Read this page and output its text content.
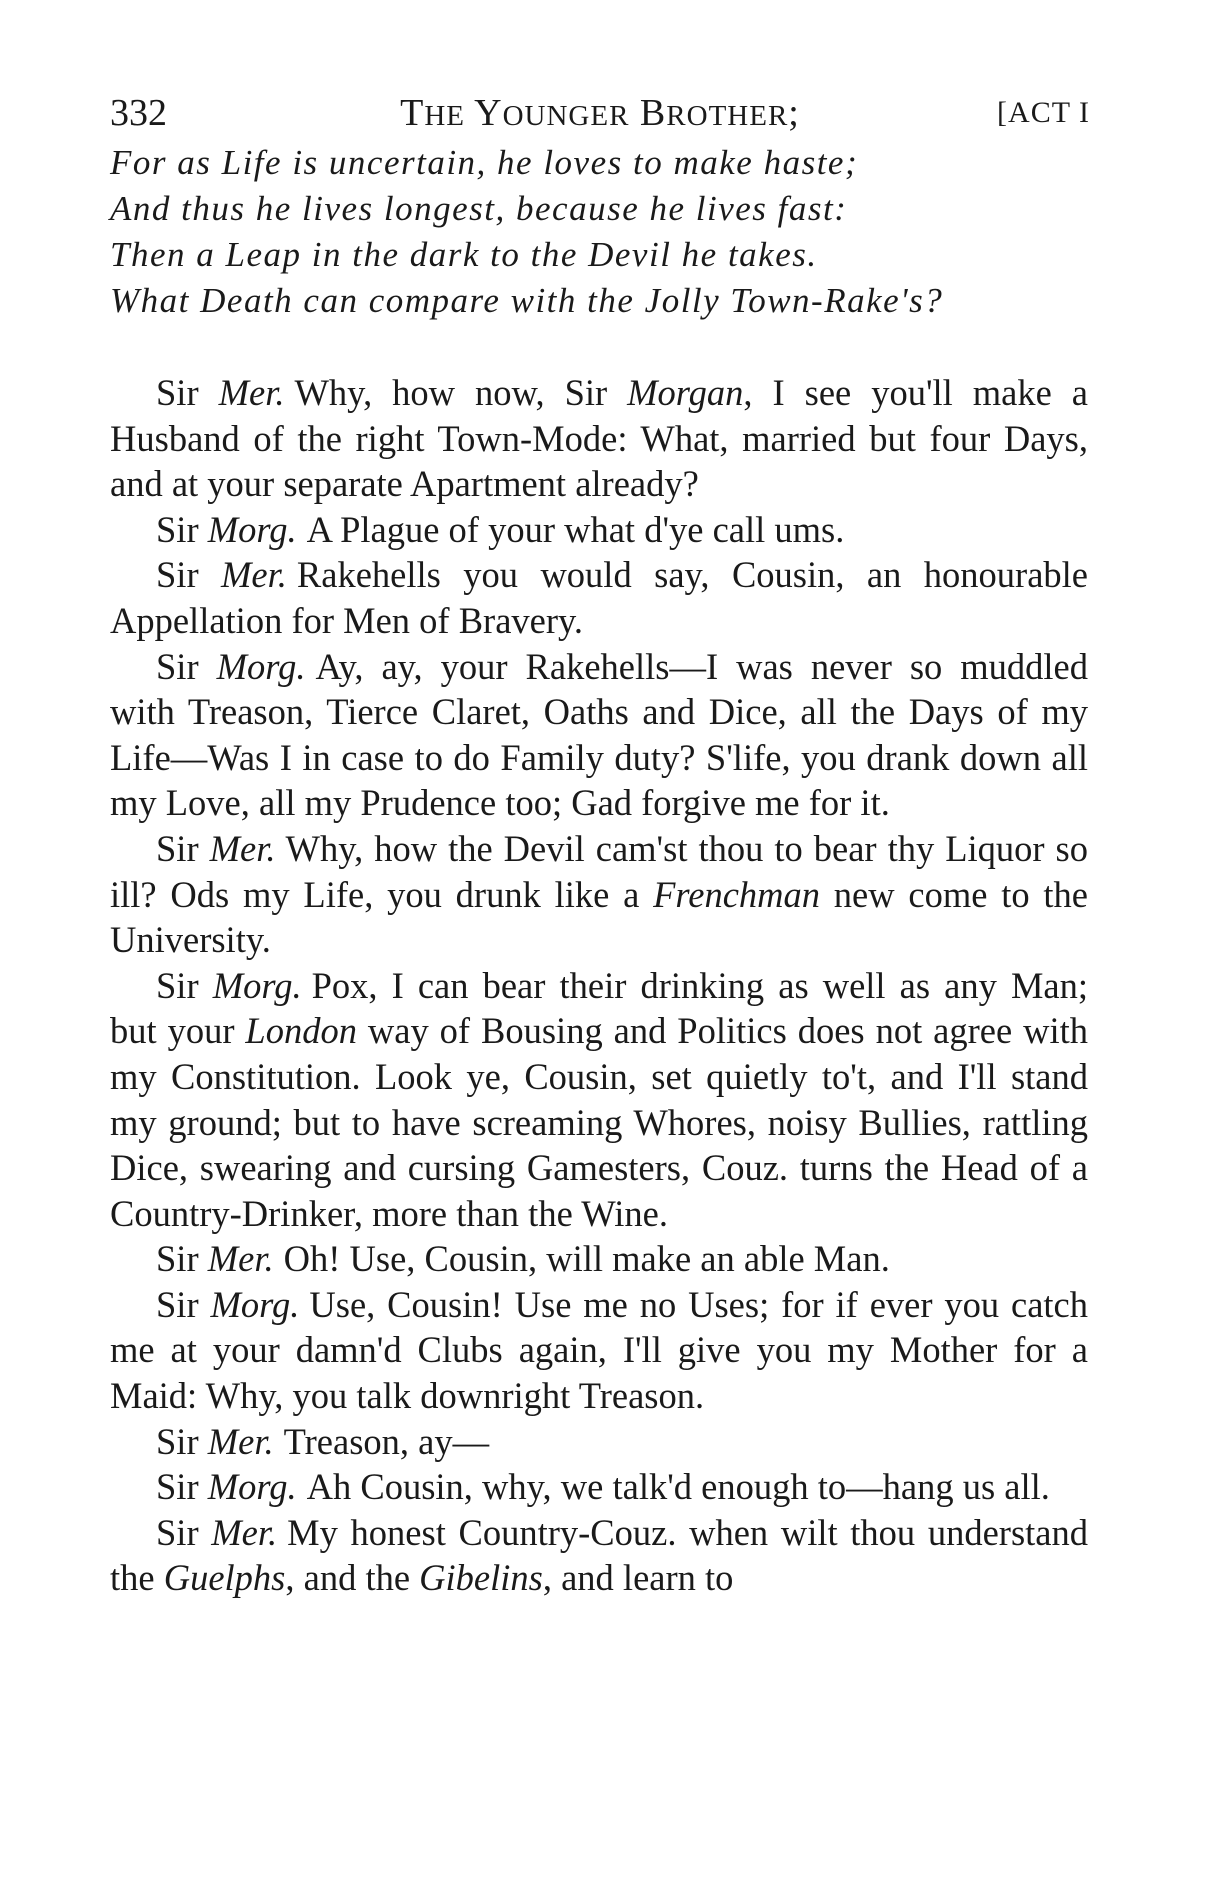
332	THE YOUNGER BROTHER;	[ACT I
For as Life is uncertain, he loves to make haste;
And thus he lives longest, because he lives fast:
Then a Leap in the dark to the Devil he takes.
What Death can compare with the Jolly Town-Rake's?

Sir Mer. Why, how now, Sir Morgan, I see you'll make a Husband of the right Town-Mode: What, married but four Days, and at your separate Apartment already?

Sir Morg. A Plague of your what d'ye call ums.

Sir Mer. Rakehells you would say, Cousin, an honourable Appellation for Men of Bravery.

Sir Morg. Ay, ay, your Rakehells—I was never so muddled with Treason, Tierce Claret, Oaths and Dice, all the Days of my Life—Was I in case to do Family duty? S'life, you drank down all my Love, all my Prudence too; Gad forgive me for it.

Sir Mer. Why, how the Devil cam'st thou to bear thy Liquor so ill? Ods my Life, you drunk like a Frenchman new come to the University.

Sir Morg. Pox, I can bear their drinking as well as any Man; but your London way of Bousing and Politics does not agree with my Constitution. Look ye, Cousin, set quietly to't, and I'll stand my ground; but to have screaming Whores, noisy Bullies, rattling Dice, swearing and cursing Gamesters, Couz. turns the Head of a Country-Drinker, more than the Wine.

Sir Mer. Oh! Use, Cousin, will make an able Man.

Sir Morg. Use, Cousin! Use me no Uses; for if ever you catch me at your damn'd Clubs again, I'll give you my Mother for a Maid: Why, you talk downright Treason.

Sir Mer. Treason, ay—

Sir Morg. Ah Cousin, why, we talk'd enough to—hang us all.

Sir Mer. My honest Country-Couz. when wilt thou understand the Guelphs, and the Gibelins, and learn to
